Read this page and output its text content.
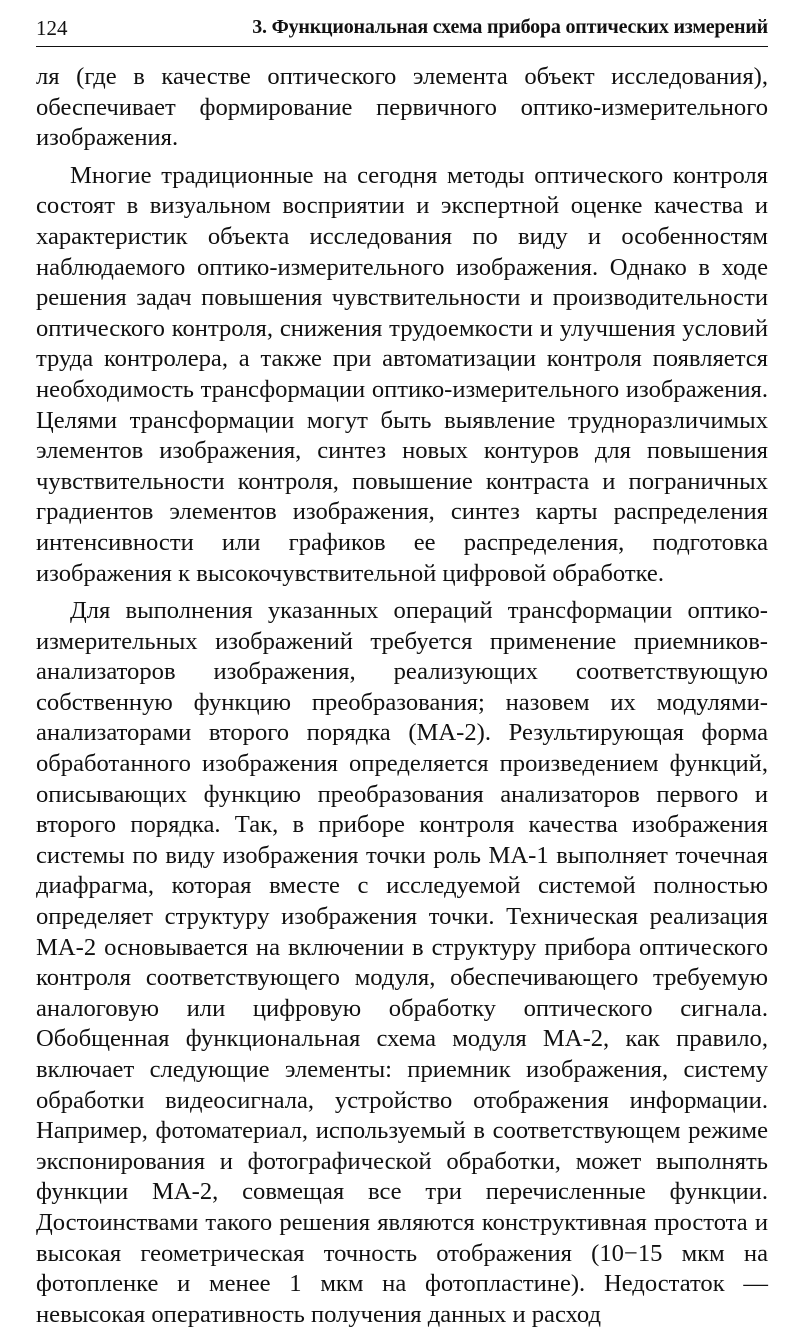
124	3. Функциональная схема прибора оптических измерений

ля (где в качестве оптического элемента объект исследования), обеспечивает формирование первичного оптико-измерительного изображения.

Многие традиционные на сегодня методы оптического контроля состоят в визуальном восприятии и экспертной оценке качества и характеристик объекта исследования по виду и особенностям наблюдаемого оптико-измерительного изображения. Однако в ходе решения задач повышения чувствительности и производительности оптического контроля, снижения трудоемкости и улучшения условий труда контролера, а также при автоматизации контроля появляется необходимость трансформации оптико-измерительного изображения. Целями трансформации могут быть выявление трудноразличимых элементов изображения, синтез новых контуров для повышения чувствительности контроля, повышение контраста и пограничных градиентов элементов изображения, синтез карты распределения интенсивности или графиков ее распределения, подготовка изображения к высокочувствительной цифровой обработке.

Для выполнения указанных операций трансформации оптико-измерительных изображений требуется применение приемников-анализаторов изображения, реализующих соответствующую собственную функцию преобразования; назовем их модулями-анализаторами второго порядка (МА-2). Результирующая форма обработанного изображения определяется произведением функций, описывающих функцию преобразования анализаторов первого и второго порядка. Так, в приборе контроля качества изображения системы по виду изображения точки роль МА-1 выполняет точечная диафрагма, которая вместе с исследуемой системой полностью определяет структуру изображения точки. Техническая реализация МА-2 основывается на включении в структуру прибора оптического контроля соответствующего модуля, обеспечивающего требуемую аналоговую или цифровую обработку оптического сигнала. Обобщенная функциональная схема модуля МА-2, как правило, включает следующие элементы: приемник изображения, систему обработки видеосигнала, устройство отображения информации. Например, фотоматериал, используемый в соответствующем режиме экспонирования и фотографической обработки, может выполнять функции МА-2, совмещая все три перечисленные функции. Достоинствами такого решения являются конструктивная простота и высокая геометрическая точность отображения (10−15 мкм на фотопленке и менее 1 мкм на фотопластине). Недостаток — невысокая оперативность получения данных и расход
